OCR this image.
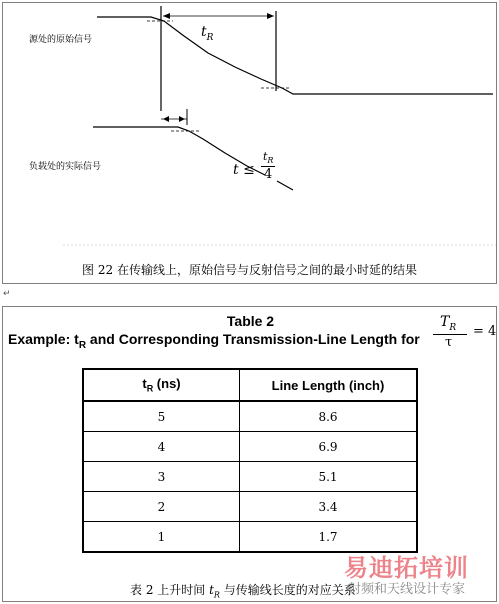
源处的原始信号
负载处的实际信号
$t_R$
t ≤
$t_R$
4
图 22 在传输线上，原始信号与反射信号之间的最小时延的结果
↵
Table 2
Example: $t_R$ and Corresponding Transmission-Line Length for
$T_R$
τ
= 4
$t_R$ (ns)	Line Length (inch)
5	8.6
4	6.9
3	5.1
2	3.4
1	1.7
表 2 上升时间 $t_R$ 与传输线长度的对应关系
易迪拓培训
射频和天线设计专家
